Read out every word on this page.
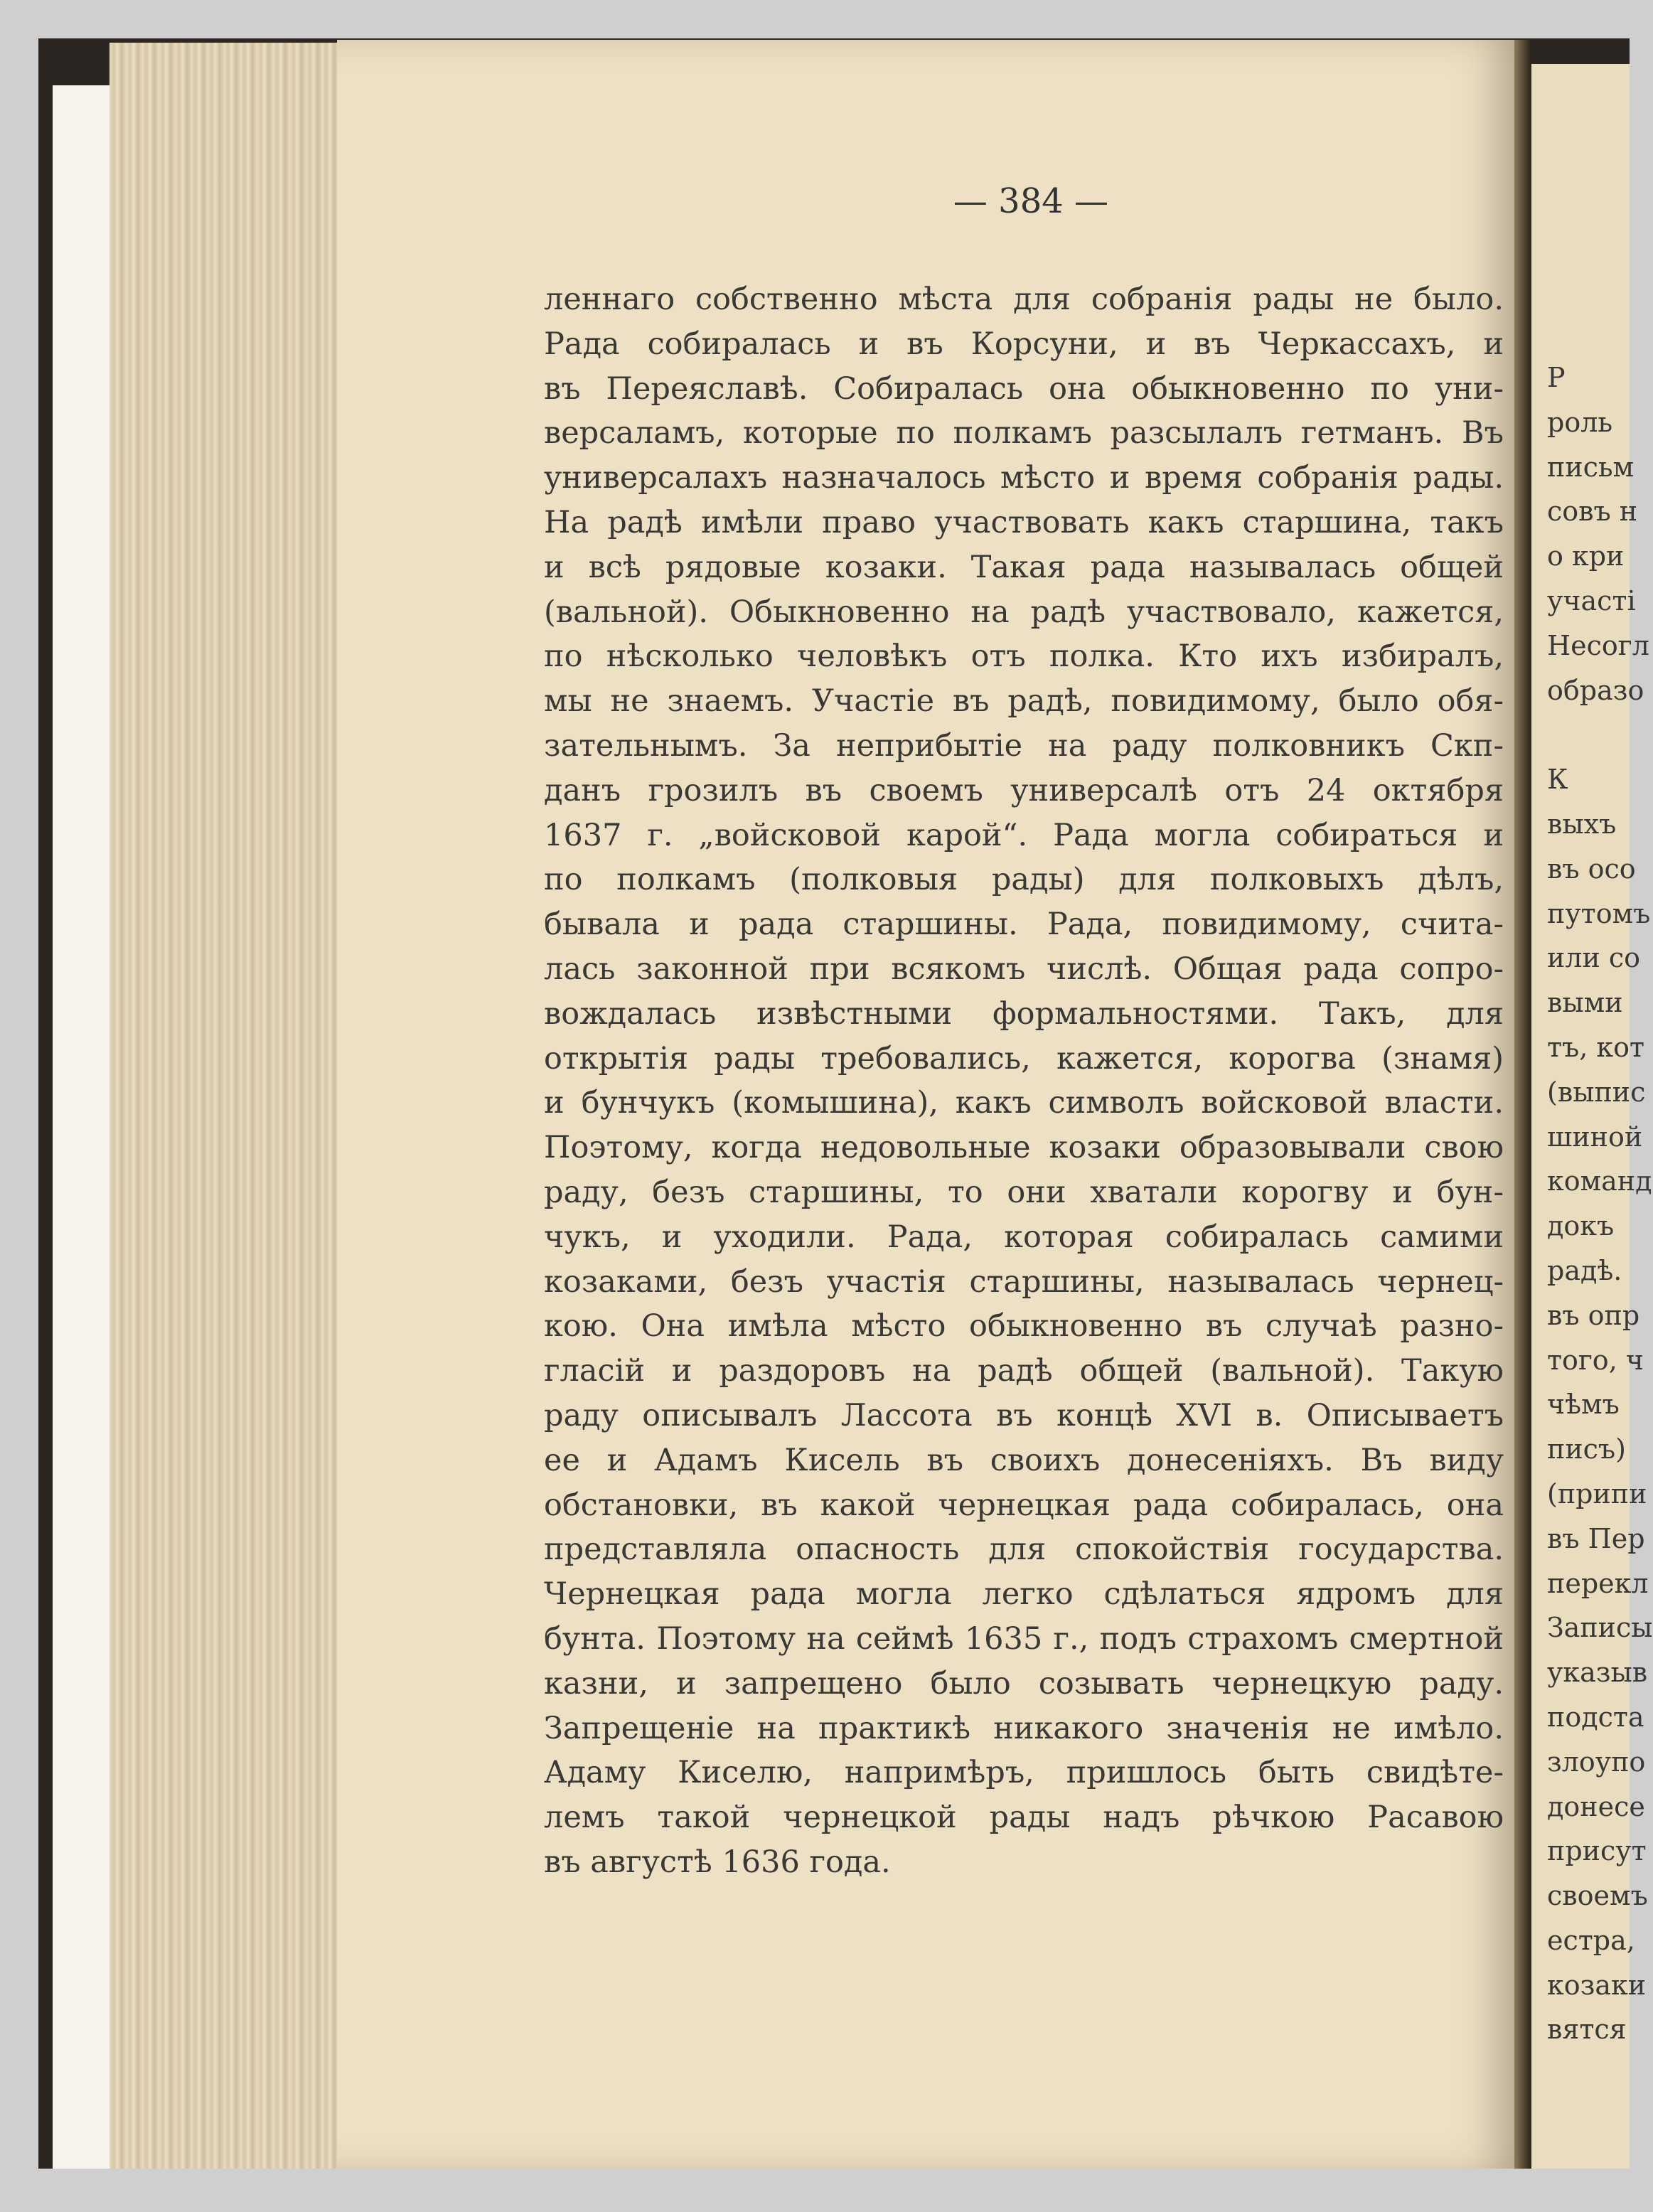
Р
роль
письм
совъ н
о кри
участі
Несогл
образо
К
выхъ
въ осо
путомъ
или со
выми
тъ, кот
(выпис
шиной
команд
докъ
радѣ.
въ опр
того, ч
чѣмъ
писъ)
(припи
въ Пер
перекл
Записы
указыв
подста
злоупо
донесе
присут
своемъ
естра,
козаки
вятся
— 384 —
леннаго собственно мѣста для собранія рады не было.
Рада собиралась и въ Корсуни, и въ Черкассахъ, и
въ Переяславѣ. Собиралась она обыкновенно по уни-
версаламъ, которые по полкамъ разсылалъ гетманъ. Въ
универсалахъ назначалось мѣсто и время собранія рады.
На радѣ имѣли право участвовать какъ старшина, такъ
и всѣ рядовые козаки. Такая рада называлась общей
(вальной). Обыкновенно на радѣ участвовало, кажется,
по нѣсколько человѣкъ отъ полка. Кто ихъ избиралъ,
мы не знаемъ. Участіе въ радѣ, повидимому, было обя-
зательнымъ. За неприбытіе на раду полковникъ Скп-
данъ грозилъ въ своемъ универсалѣ отъ 24 октября
1637 г. „войсковой карой“. Рада могла собираться и
по полкамъ (полковыя рады) для полковыхъ дѣлъ,
бывала и рада старшины. Рада, повидимому, счита-
лась законной при всякомъ числѣ. Общая рада сопро-
вождалась извѣстными формальностями. Такъ, для
открытія рады требовались, кажется, корогва (знамя)
и бунчукъ (комышина), какъ символъ войсковой власти.
Поэтому, когда недовольные козаки образовывали свою
раду, безъ старшины, то они хватали корогву и бун-
чукъ, и уходили. Рада, которая собиралась самими
козаками, безъ участія старшины, называлась чернец-
кою. Она имѣла мѣсто обыкновенно въ случаѣ разно-
гласій и раздоровъ на радѣ общей (вальной). Такую
раду описывалъ Лассота въ концѣ XVI в. Описываетъ
ее и Адамъ Кисель въ своихъ донесеніяхъ. Въ виду
обстановки, въ какой чернецкая рада собиралась, она
представляла опасность для спокойствія государства.
Чернецкая рада могла легко сдѣлаться ядромъ для
бунта. Поэтому на сеймѣ 1635 г., подъ страхомъ смертной
казни, и запрещено было созывать чернецкую раду.
Запрещеніе на практикѣ никакого значенія не имѣло.
Адаму Киселю, напримѣръ, пришлось быть свидѣте-
лемъ такой чернецкой рады надъ рѣчкою Расавою
въ августѣ 1636 года.
